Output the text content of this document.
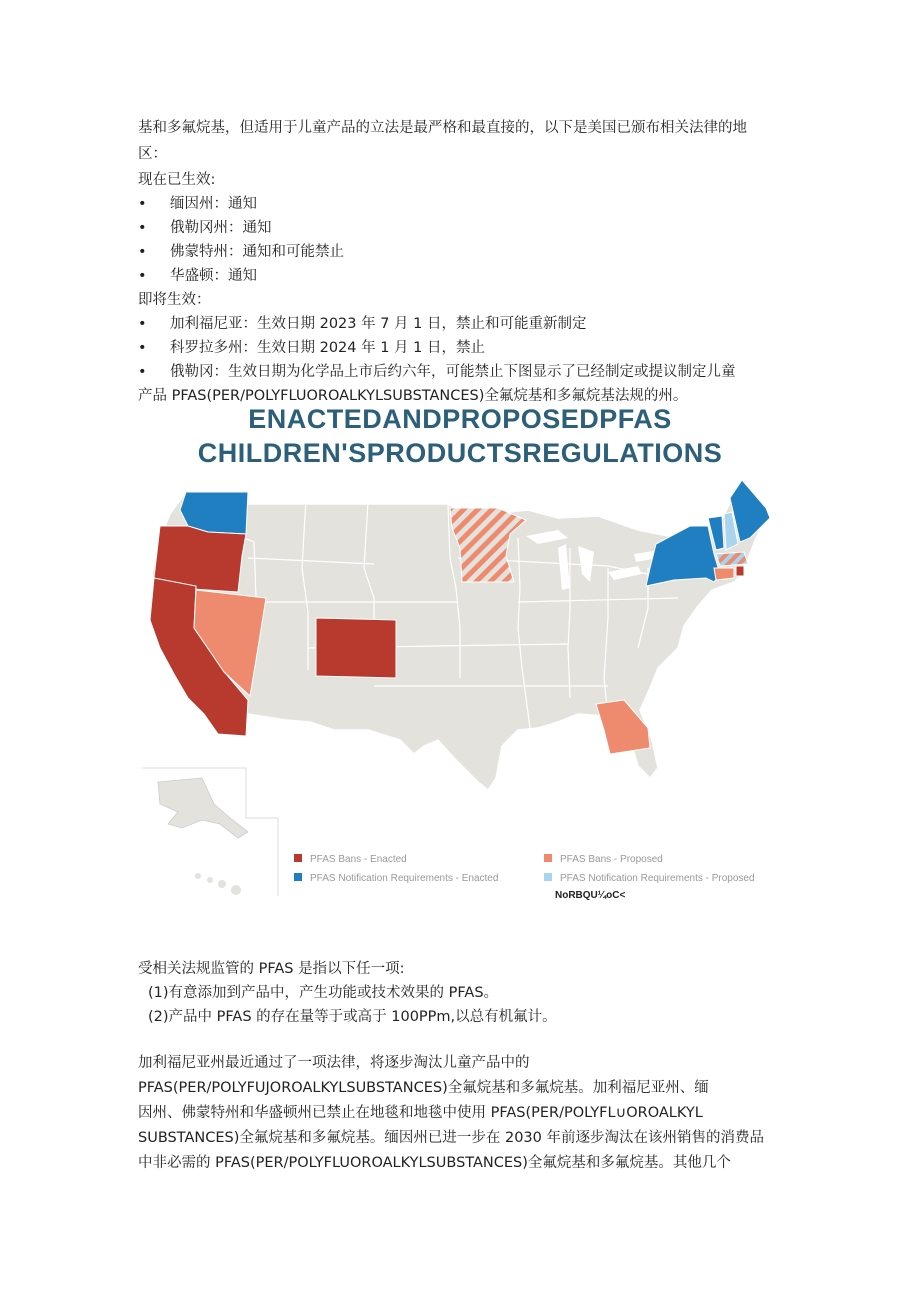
基和多氟烷基，但适用于儿童产品的立法是最严格和最直接的，以下是美国已颁布相关法律的地
区：
现在已生效:
• 缅因州：通知
• 俄勒冈州：通知
• 佛蒙特州：通知和可能禁止
• 华盛顿：通知
即将生效：
• 加利福尼亚：生效日期 2023 年 7 月 1 日，禁止和可能重新制定
• 科罗拉多州：生效日期 2024 年 1 月 1 日，禁止
• 俄勒冈：生效日期为化学品上市后约六年，可能禁止下图显示了已经制定或提议制定儿童
产品 PFAS(PER/POLYFLUOROALKYLSUBSTANCES)全氟烷基和多氟烷基法规的州。
ENACTEDANDPROPOSEDPFAS
CHILDREN'SPRODUCTSREGULATIONS
PFAS Bans - Enacted
PFAS Notification Requirements - Enacted
PFAS Bans - Proposed
PFAS Notification Requirements - Proposed
NoRBQU¼oC<
受相关法规监管的 PFAS 是指以下任一项:
(1)有意添加到产品中，产生功能或技术效果的 PFAS。
(2)产品中 PFAS 的存在量等于或高于 100PPm,以总有机氟计。
加利福尼亚州最近通过了一项法律，将逐步淘汰儿童产品中的
PFAS(PER/POLYFUJOROALKYLSUBSTANCES)全氟烷基和多氟烷基。加利福尼亚州、缅
因州、佛蒙特州和华盛顿州已禁止在地毯和地毯中使用 PFAS(PER/POLYFL∪OROALKYL
SUBSTANCES)全氟烷基和多氟烷基。缅因州已进一步在 2030 年前逐步淘汰在该州销售的消费品
中非必需的 PFAS(PER/POLYFLUOROALKYLSUBSTANCES)全氟烷基和多氟烷基。其他几个
